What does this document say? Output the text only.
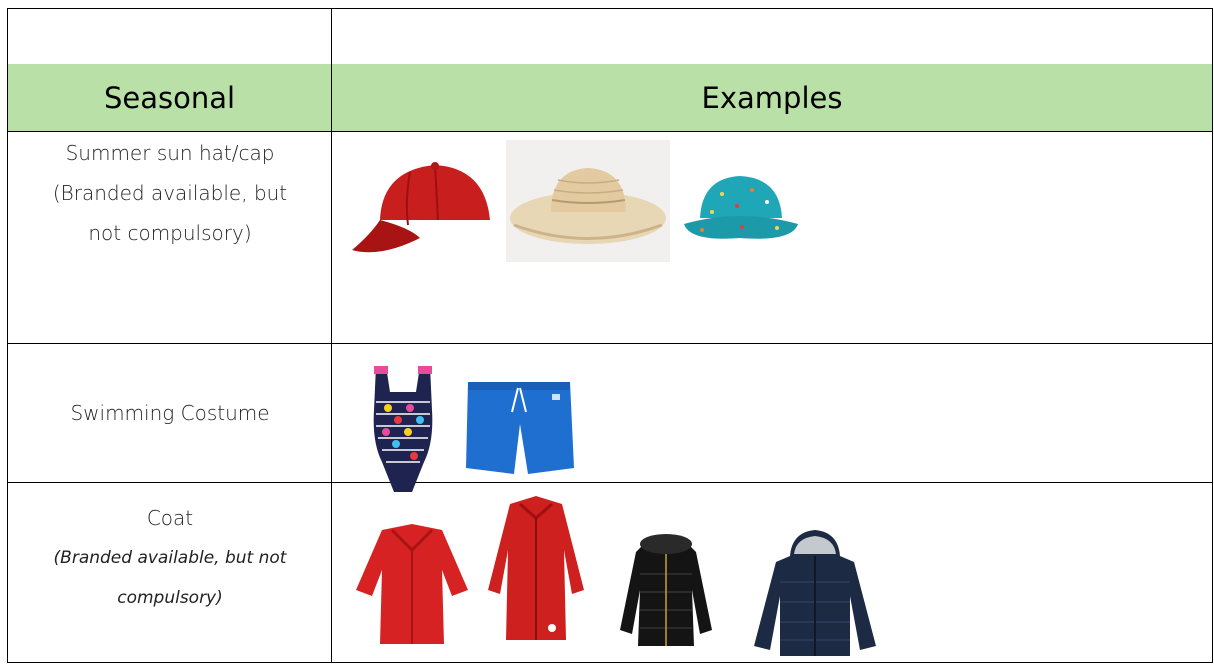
Seasonal	Examples
Summer sun hat/cap
(Branded available, but
not compulsory)
Swimming Costume
Coat
(Branded available, but not
compulsory)
